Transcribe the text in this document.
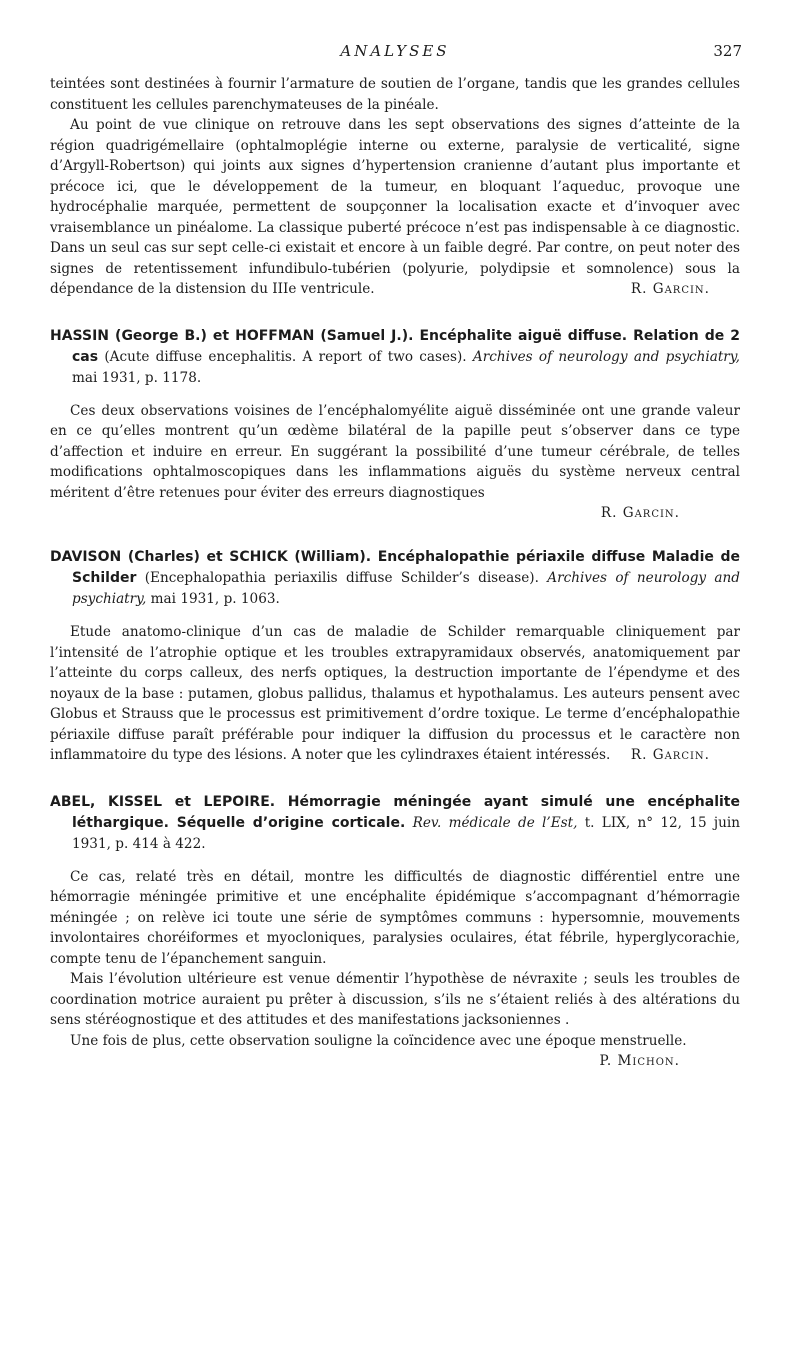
ANALYSES	327

teintées sont destinées à fournir l’armature de soutien de l’organe, tandis que les grandes cellules constituent les cellules parenchymateuses de la pinéale.

Au point de vue clinique on retrouve dans les sept observations des signes d’atteinte de la région quadrigémellaire (ophtalmoplégie interne ou externe, paralysie de verticalité, signe d’Argyll-Robertson) qui joints aux signes d’hypertension cranienne d’autant plus importante et précoce ici, que le développement de la tumeur, en bloquant l’aqueduc, provoque une hydrocéphalie marquée, permettent de soupçonner la localisation exacte et d’invoquer avec vraisemblance un pinéalome. La classique puberté précoce n’est pas indispensable à ce diagnostic. Dans un seul cas sur sept celle-ci existait et encore à un faible degré. Par contre, on peut noter des signes de retentissement infundibulo-tubérien (polyurie, polydipsie et somnolence) sous la dépendance de la distension du IIIe ventricule.	R. Garcin.

HASSIN (George B.) et HOFFMAN (Samuel J.). Encéphalite aiguë diffuse. Relation de 2 cas (Acute diffuse encephalitis. A report of two cases). Archives of neurology and psychiatry, mai 1931, p. 1178.

Ces deux observations voisines de l’encéphalomyélite aiguë disséminée ont une grande valeur en ce qu’elles montrent qu’un œdème bilatéral de la papille peut s’observer dans ce type d’affection et induire en erreur. En suggérant la possibilité d’une tumeur cérébrale, de telles modifications ophtalmoscopiques dans les inflammations aiguës du système nerveux central méritent d’être retenues pour éviter des erreurs diagnostiques

R. Garcin.

DAVISON (Charles) et SCHICK (William). Encéphalopathie périaxile diffuse Maladie de Schilder (Encephalopathia periaxilis diffuse Schilder’s disease). Archives of neurology and psychiatry, mai 1931, p. 1063.

Etude anatomo-clinique d’un cas de maladie de Schilder remarquable cliniquement par l’intensité de l’atrophie optique et les troubles extrapyramidaux observés, anatomiquement par l’atteinte du corps calleux, des nerfs optiques, la destruction importante de l’épendyme et des noyaux de la base : putamen, globus pallidus, thalamus et hypothalamus. Les auteurs pensent avec Globus et Strauss que le processus est primitivement d’ordre toxique. Le terme d’encéphalopathie périaxile diffuse paraît préférable pour indiquer la diffusion du processus et le caractère non inflammatoire du type des lésions. A noter que les cylindraxes étaient intéressés.	R. Garcin.

ABEL, KISSEL et LEPOIRE. Hémorragie méningée ayant simulé une encéphalite léthargique. Séquelle d’origine corticale. Rev. médicale de l’Est, t. LIX, n° 12, 15 juin 1931, p. 414 à 422.

Ce cas, relaté très en détail, montre les difficultés de diagnostic différentiel entre une hémorragie méningée primitive et une encéphalite épidémique s’accompagnant d’hémorragie méningée ; on relève ici toute une série de symptômes communs : hypersomnie, mouvements involontaires choréiformes et myocloniques, paralysies oculaires, état fébrile, hyperglycorachie, compte tenu de l’épanchement sanguin.

Mais l’évolution ultérieure est venue démentir l’hypothèse de névraxite ; seuls les troubles de coordination motrice auraient pu prêter à discussion, s’ils ne s’étaient reliés à des altérations du sens stéréognostique et des attitudes et des manifestations jacksoniennes .

Une fois de plus, cette observation souligne la coïncidence avec une époque menstruelle.

P. Michon.
